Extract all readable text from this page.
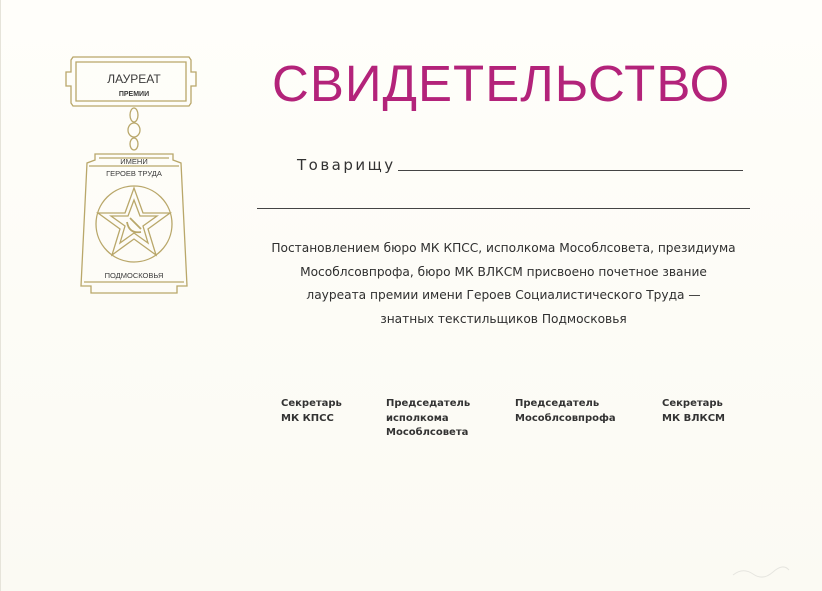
ЛАУРЕАТ
ПРЕМИИ
ИМЕНИ
ГЕРОЕВ ТРУДА
ПОДМОСКОВЬЯ
СВИДЕТЕЛЬСТВО
Товарищу
Постановлением бюро МК КПСС, исполкома Мособлсовета, президиума
Мособлсовпрофа, бюро МК ВЛКСМ присвоено почетное звание
лауреата премии имени Героев Социалистического Труда —
знатных текстильщиков Подмосковья
Секретарь
МК КПСС
Председатель
исполкома
Мособлсовета
Председатель
Мособлсовпрофа
Секретарь
МК ВЛКСМ
